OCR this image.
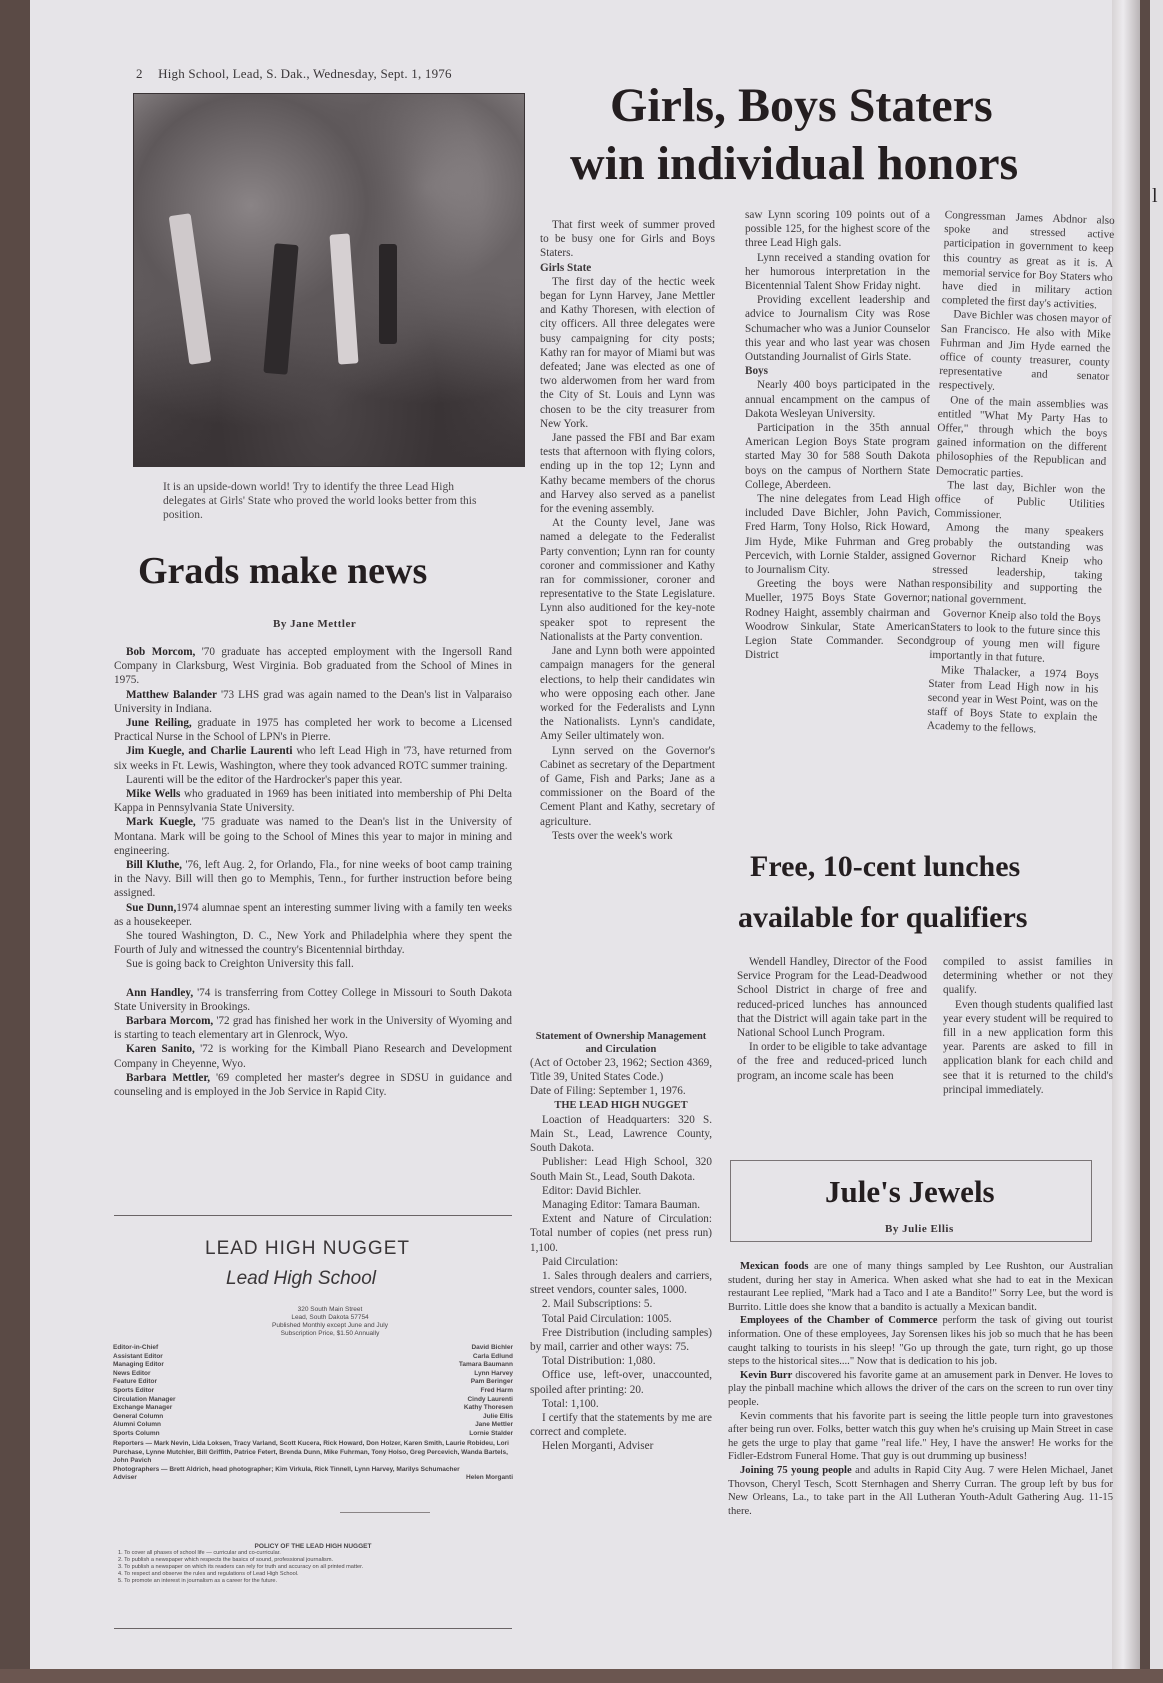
l
2 High School, Lead, S. Dak., Wednesday, Sept. 1, 1976
Girls, Boys Staters
win individual honors
It is an upside-down world! Try to identify the three Lead High delegates at Girls' State who proved the world looks better from this position.
Grads make news
By Jane Mettler

Bob Morcom, '70 graduate has accepted employment with the Ingersoll Rand Company in Clarksburg, West Virginia. Bob graduated from the School of Mines in 1975.

Matthew Balander '73 LHS grad was again named to the Dean's list in Valparaiso University in Indiana.

June Reiling, graduate in 1975 has completed her work to become a Licensed Practical Nurse in the School of LPN's in Pierre.

Jim Kuegle, and Charlie Laurenti who left Lead High in '73, have returned from six weeks in Ft. Lewis, Washington, where they took advanced ROTC summer training.

Laurenti will be the editor of the Hardrocker's paper this year.

Mike Wells who graduated in 1969 has been initiated into membership of Phi Delta Kappa in Pennsylvania State University.

Mark Kuegle, '75 graduate was named to the Dean's list in the University of Montana. Mark will be going to the School of Mines this year to major in mining and engineering.

Bill Kluthe, '76, left Aug. 2, for Orlando, Fla., for nine weeks of boot camp training in the Navy. Bill will then go to Memphis, Tenn., for further instruction before being assigned.

Sue Dunn,1974 alumnae spent an interesting summer living with a family ten weeks as a housekeeper.

She toured Washington, D. C., New York and Philadelphia where they spent the Fourth of July and witnessed the country's Bicentennial birthday.

Sue is going back to Creighton University this fall.

Ann Handley, '74 is transferring from Cottey College in Missouri to South Dakota State University in Brookings.

Barbara Morcom, '72 grad has finished her work in the University of Wyoming and is starting to teach elementary art in Glenrock, Wyo.

Karen Sanito, '72 is working for the Kimball Piano Research and Development Company in Cheyenne, Wyo.

Barbara Mettler, '69 completed her master's degree in SDSU in guidance and counseling and is employed in the Job Service in Rapid City.

LEAD HIGH NUGGET
Lead High School
320 South Main Street
Lead, South Dakota 57754
Published Monthly except June and July
Subscription Price, $1.50 Annually
Editor-in-Chief	David Bichler
Assistant Editor	Carla Edlund
Managing Editor	Tamara Baumann
News Editor	Lynn Harvey
Feature Editor	Pam Beringer
Sports Editor	Fred Harm
Circulation Manager	Cindy Laurenti
Exchange Manager	Kathy Thoresen
General Column	Julie Ellis
Alumni Column	Jane Mettler
Sports Column	Lornie Stalder
Reporters — Mark Nevin, Lida Loksen, Tracy Varland, Scott Kucera, Rick Howard, Don Holzer, Karen Smith, Laurie Robideu, Lori Purchase, Lynne Mutchler, Bill Griffith, Patrice Fetert, Brenda Dunn, Mike Fuhrman, Tony Holso, Greg Percevich, Wanda Bartels, John Pavich
Photographers — Brett Aldrich, head photographer; Kim Virkula, Rick Tinnell, Lynn Harvey, Marilys Schumacher
Adviser	Helen Morganti
POLICY OF THE LEAD HIGH NUGGET
1. To cover all phases of school life — curricular and co-curricular.
2. To publish a newspaper which respects the basics of sound, professional journalism.
3. To publish a newspaper on which its readers can rely for truth and accuracy on all printed matter.
4. To respect and observe the rules and regulations of Lead High School.
5. To promote an interest in journalism as a career for the future.

That first week of summer proved to be busy one for Girls and Boys Staters.

Girls State

The first day of the hectic week began for Lynn Harvey, Jane Mettler and Kathy Thoresen, with election of city officers. All three delegates were busy campaigning for city posts; Kathy ran for mayor of Miami but was defeated; Jane was elected as one of two alderwomen from her ward from the City of St. Louis and Lynn was chosen to be the city treasurer from New York.

Jane passed the FBI and Bar exam tests that afternoon with flying colors, ending up in the top 12; Lynn and Kathy became members of the chorus and Harvey also served as a panelist for the evening assembly.

At the County level, Jane was named a delegate to the Federalist Party convention; Lynn ran for county coroner and commissioner and Kathy ran for commissioner, coroner and representative to the State Legislature. Lynn also auditioned for the key-note speaker spot to represent the Nationalists at the Party convention.

Jane and Lynn both were appointed campaign managers for the general elections, to help their candidates win who were opposing each other. Jane worked for the Federalists and Lynn the Nationalists. Lynn's candidate, Amy Seiler ultimately won.

Lynn served on the Governor's Cabinet as secretary of the Department of Game, Fish and Parks; Jane as a commissioner on the Board of the Cement Plant and Kathy, secretary of agriculture.

Tests over the week's work

Statement of Ownership Management and Circulation

(Act of October 23, 1962; Section 4369, Title 39, United States Code.)

Date of Filing: September 1, 1976.

THE LEAD HIGH NUGGET

Loaction of Headquarters: 320 S. Main St., Lead, Lawrence County, South Dakota.

Publisher: Lead High School, 320 South Main St., Lead, South Dakota.

Editor: David Bichler.

Managing Editor: Tamara Bauman.

Extent and Nature of Circulation: Total number of copies (net press run) 1,100.

Paid Circulation:

1. Sales through dealers and carriers, street vendors, counter sales, 1000.

2. Mail Subscriptions: 5.

Total Paid Circulation: 1005.

Free Distribution (including samples) by mail, carrier and other ways: 75.

Total Distribution: 1,080.

Office use, left-over, unaccounted, spoiled after printing: 20.

Total: 1,100.

I certify that the statements by me are correct and complete.

Helen Morganti, Adviser

saw Lynn scoring 109 points out of a possible 125, for the highest score of the three Lead High gals.

Lynn received a standing ovation for her humorous interpretation in the Bicentennial Talent Show Friday night.

Providing excellent leadership and advice to Journalism City was Rose Schumacher who was a Junior Counselor this year and who last year was chosen Outstanding Journalist of Girls State.

Boys

Nearly 400 boys participated in the annual encampment on the campus of Dakota Wesleyan University.

Participation in the 35th annual American Legion Boys State program started May 30 for 588 South Dakota boys on the campus of Northern State College, Aberdeen.

The nine delegates from Lead High included Dave Bichler, John Pavich, Fred Harm, Tony Holso, Rick Howard, Jim Hyde, Mike Fuhrman and Greg Percevich, with Lornie Stalder, assigned to Journalism City.

Greeting the boys were Nathan Mueller, 1975 Boys State Governor; Rodney Haight, assembly chairman and Woodrow Sinkular, State American Legion State Commander. Second District

Congressman James Abdnor also spoke and stressed active participation in government to keep this country as great as it is. A memorial service for Boy Staters who have died in military action completed the first day's activities.

Dave Bichler was chosen mayor of San Francisco. He also with Mike Fuhrman and Jim Hyde earned the office of county treasurer, county representative and senator respectively.

One of the main assemblies was entitled "What My Party Has to Offer," through which the boys gained information on the different philosophies of the Republican and Democratic parties.

The last day, Bichler won the office of Public Utilities Commissioner.

Among the many speakers probably the outstanding was Governor Richard Kneip who stressed leadership, taking responsibility and supporting the national government.

Governor Kneip also told the Boys Staters to look to the future since this group of young men will figure importantly in that future.

Mike Thalacker, a 1974 Boys Stater from Lead High now in his second year in West Point, was on the staff of Boys State to explain the Academy to the fellows.

Free, 10-cent lunches
available for qualifiers

Wendell Handley, Director of the Food Service Program for the Lead-Deadwood School District in charge of free and reduced-priced lunches has announced that the District will again take part in the National School Lunch Program.

In order to be eligible to take advantage of the free and reduced-priced lunch program, an income scale has been

compiled to assist families in determining whether or not they qualify.

Even though students qualified last year every student will be required to fill in a new application form this year. Parents are asked to fill in application blank for each child and see that it is returned to the child's principal immediately.

Jule's Jewels
By Julie Ellis

Mexican foods are one of many things sampled by Lee Rushton, our Australian student, during her stay in America. When asked what she had to eat in the Mexican restaurant Lee replied, "Mark had a Taco and I ate a Bandito!" Sorry Lee, but the word is Burrito. Little does she know that a bandito is actually a Mexican bandit.

Employees of the Chamber of Commerce perform the task of giving out tourist information. One of these employees, Jay Sorensen likes his job so much that he has been caught talking to tourists in his sleep! "Go up through the gate, turn right, go up those steps to the historical sites...." Now that is dedication to his job.

Kevin Burr discovered his favorite game at an amusement park in Denver. He loves to play the pinball machine which allows the driver of the cars on the screen to run over tiny people.

Kevin comments that his favorite part is seeing the little people turn into gravestones after being run over. Folks, better watch this guy when he's cruising up Main Street in case he gets the urge to play that game "real life." Hey, I have the answer! He works for the Fidler-Edstrom Funeral Home. That guy is out drumming up business!

Joining 75 young people and adults in Rapid City Aug. 7 were Helen Michael, Janet Thovson, Cheryl Tesch, Scott Sternhagen and Sherry Curran. The group left by bus for New Orleans, La., to take part in the All Lutheran Youth-Adult Gathering Aug. 11-15 there.
